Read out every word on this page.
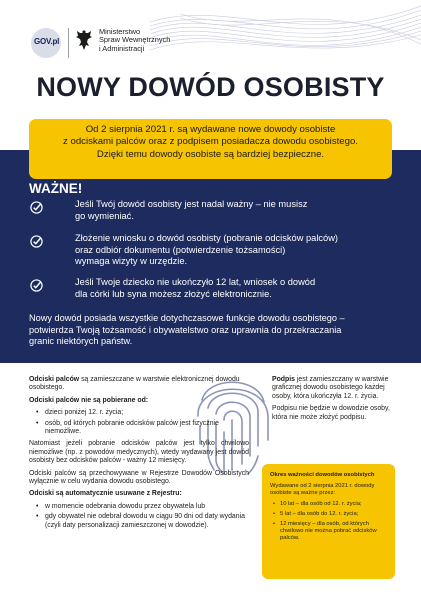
GOV.pl
Ministerstwo
Spraw Wewnętrznych
i Administracji
NOWY DOWÓD OSOBISTY

Od 2 sierpnia 2021 r. są wydawane nowe dowody osobiste

z odciskami palców oraz z podpisem posiadacza dowodu osobistego.

Dzięki temu dowody osobiste są bardziej bezpieczne.

WAŻNE!

Jeśli Twój dowód osobisty jest nadal ważny – nie musisz

go wymieniać.

Złożenie wniosku o dowód osobisty (pobranie odcisków palców)

oraz odbiór dokumentu (potwierdzenie tożsamości)

wymaga wizyty w urzędzie.

Jeśli Twoje dziecko nie ukończyło 12 lat, wniosek o dowód

dla córki lub syna możesz złożyć elektronicznie.

Nowy dowód posiada wszystkie dotychczasowe funkcje dowodu osobistego –

potwierdza Twoją tożsamość i obywatelstwo oraz uprawnia do przekraczania

granic niektórych państw.

Odciski palców są zamieszczane w warstwie elektronicznej dowodu osobistego.

Odciski palców nie są pobierane od:

• dzieci poniżej 12. r. życia;
• osób, od których pobranie odcisków palców jest fizycznie niemożliwe.

Natomiast jeżeli pobranie odcisków palców jest tylko chwilowo niemożliwe (np. z powodów medycznych), wtedy wydawany jest dowód osobisty bez odcisków palców - ważny 12 miesięcy.

Odciski palców są przechowywane w Rejestrze Dowodów Osobistych wyłącznie w celu wydania dowodu osobistego.

Odciski są automatycznie usuwane z Rejestru:

• w momencie odebrania dowodu przez obywatela lub
• gdy obywatel nie odebrał dowodu w ciągu 90 dni od daty wydania (czyli daty personalizacji zamieszczonej w dowodzie).

Podpis jest zamieszczany w warstwie graficznej dowodu osobistego każdej osoby, która ukończyła 12. r. życia.

Podpisu nie będzie w dowodzie osoby, która nie może złożyć podpisu.

Okres ważności dowodów osobistych
Wydawane od 2 sierpnia 2021 r. dowody osobiste są ważne przez:
• 10 lat – dla osób od 12. r. życia;
• 5 lat – dla osób do 12. r. życia;
• 12 miesięcy – dla osób, od których chwilowo nie można pobrać odcisków palców.
